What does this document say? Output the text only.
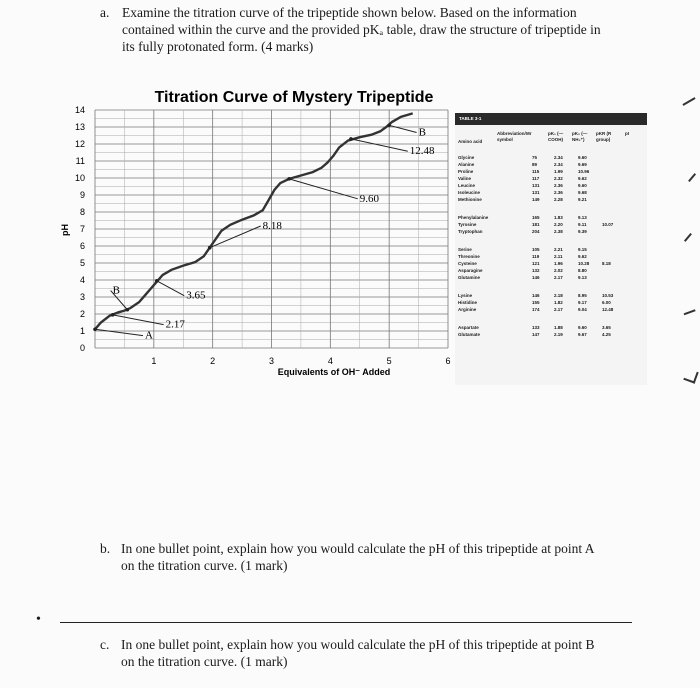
a. Examine the titration curve of the tripeptide shown below. Based on the information
contained within the curve and the provided pKₐ table, draw the structure of tripeptide in
its fully protonated form. (4 marks)
Titration Curve of Mystery Tripeptide
0
1
2
3
4
5
6
7
8
9
10
11
12
13
14
1	2	3	4	5	6
pH
Equivalents of OH⁻ Added
2.17
A
3.65
B
8.18
9.60
12.48
B
TABLE 3-1
Amino acid
Abbreviation/ symbol
Mr	pK₁ (—COOH)
pK₂ (—NH₃⁺)
pKR (R group)
pI
Glycine	75	2.34	9.60
Alanine	89	2.34	9.69
Proline	115	1.99	10.96
Valine	117	2.32	9.62
Leucine	131	2.36	9.60
Isoleucine	131	2.36	9.68
Methionine	149	2.28	9.21
Phenylalanine	165	1.83	9.13
Tyrosine	181	2.20	9.11	10.07
Tryptophan	204	2.38	9.39
Serine	105	2.21	9.15
Threonine	119	2.11	9.62
Cysteine	121	1.96	10.28	8.18
Asparagine	132	2.02	8.80
Glutamine	146	2.17	9.13
Lysine	146	2.18	8.95	10.53
Histidine	155	1.82	9.17	6.00
Arginine	174	2.17	9.04	12.48
Aspartate	133	1.88	9.60	3.65
Glutamate	147	2.19	9.67	4.25
b. In one bullet point, explain how you would calculate the pH of this tripeptide at point A
on the titration curve. (1 mark)
•
c. In one bullet point, explain how you would calculate the pH of this tripeptide at point B
on the titration curve. (1 mark)
